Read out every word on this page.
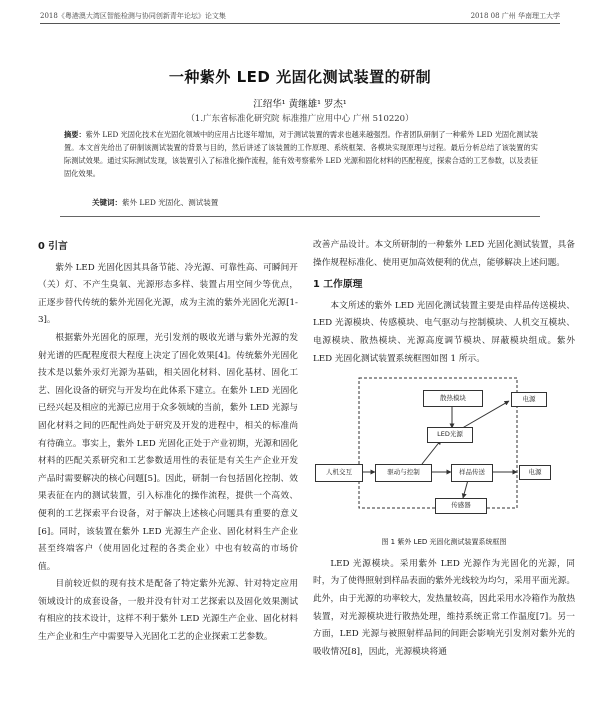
2018《粤港澳大湾区智能检测与协同创新青年论坛》论文集	2018 08 广州 华南理工大学
一种紫外 LED 光固化测试装置的研制
江绍华¹ 黄继雄¹ 罗杰¹
（1.广东省标准化研究院 标准推广应用中心 广州 510220）
摘要：紫外 LED 光固化技术在光固化领域中的应用占比逐年增加，对于测试装置的需求也越来越强烈。作者团队研制了一种紫外 LED 光固化测试装置。本文首先给出了研制该测试装置的背景与目的，然后讲述了该装置的工作原理、系统框架、各模块实现原理与过程。最后分析总结了该装置的实际测试效果。通过实际测试发现，该装置引入了标准化操作流程，能有效考察紫外 LED 光源和固化材料的匹配程度，探索合适的工艺参数，以及表征固化效果。
关键词：紫外 LED 光固化、测试装置
0 引言

紫外 LED 光固化因其具备节能、冷光源、可靠性高、可瞬间开（关）灯、不产生臭氧、光源形态多样、装置占用空间少等优点，正逐步替代传统的紫外光固化光源，成为主流的紫外光固化光源[1-3]。

根据紫外光固化的原理，光引发剂的吸收光谱与紫外光源的发射光谱的匹配程度很大程度上决定了固化效果[4]。传统紫外光固化技术是以紫外汞灯光源为基础，相关固化材料、固化基材、固化工艺、固化设备的研究与开发均在此体系下建立。在紫外 LED 光固化已经兴起及相应的光源已应用于众多领域的当前，紫外 LED 光源与固化材料之间的匹配性尚处于研究及开发的进程中，相关的标准尚有待确立。事实上，紫外 LED 光固化正处于产业初期，光源和固化材料的匹配关系研究和工艺参数适用性的表征是有关生产企业开发产品时需要解决的核心问题[5]。因此，研制一台包括固化控制、效果表征在内的测试装置，引入标准化的操作流程，提供一个高效、便利的工艺探索平台设备，对于解决上述核心问题具有重要的意义[6]。同时，该装置在紫外 LED 光源生产企业、固化材料生产企业甚至终端客户（使用固化过程的各类企业）中也有较高的市场价值。

目前较近似的现有技术是配备了特定紫外光源、针对特定应用领域设计的成套设备，一般并没有针对工艺探索以及固化效果测试有相应的技术设计，这样不利于紫外 LED 光源生产企业、固化材料生产企业和生产中需要导入光固化工艺的企业探索工艺参数。

改善产品设计。本文所研制的一种紫外 LED 光固化测试装置，具备操作规程标准化、使用更加高效便利的优点，能够解决上述问题。

1 工作原理

本文所述的紫外 LED 光固化测试装置主要是由样品传送模块、LED 光源模块、传感模块、电气驱动与控制模块、人机交互模块、电源模块、散热模块、光源高度调节模块、屏蔽模块组成。紫外 LED 光固化测试装置系统框图如图 1 所示。

散热模块	电源
LED光源
人机交互	驱动与控制	样品传送	电源
传感器
图 1 紫外 LED 光固化测试装置系统框图

LED 光源模块。采用紫外 LED 光源作为光固化的光源，同时，为了使得照射到样品表面的紫外光线较为均匀，采用平面光源。此外，由于光源的功率较大，发热量较高，因此采用水冷箱作为散热装置，对光源模块进行散热处理，维持系统正常工作温度[7]。另一方面，LED 光源与被照射样品间的间距会影响光引发剂对紫外光的吸收情况[8]，因此，光源模块将通
